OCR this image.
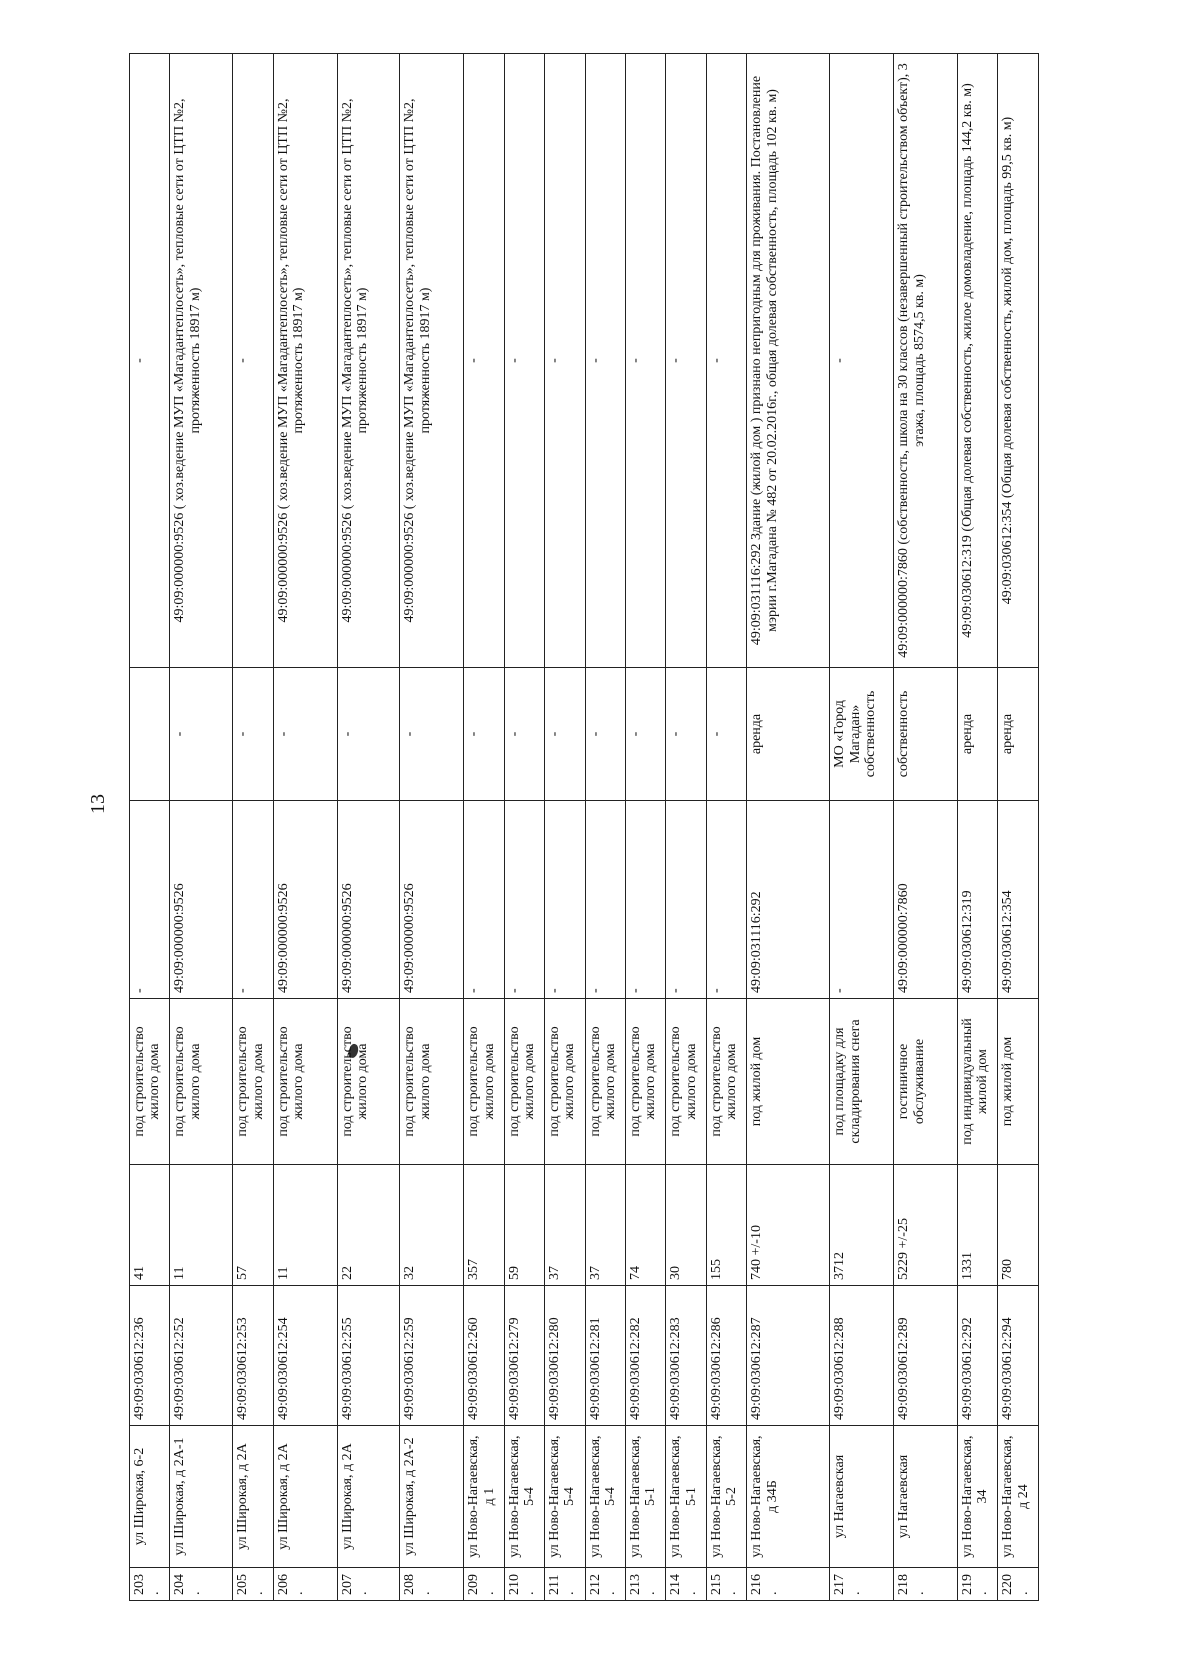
13
203.	ул Широкая, 6-2	49:09:030612:236	41	под строительство жилого дома	-		-
204.	ул Широкая, д 2А-1	49:09:030612:252	11	под строительство жилого дома	49:09:000000:9526	-	49:09:000000:9526 ( хоз.ведение МУП «Магадантеплосеть», тепловые сети от ЦТП №2, протяженность 18917 м)
205.	ул Широкая, д 2А	49:09:030612:253	57	под строительство жилого дома	-	-	-
206.	ул Широкая, д 2А	49:09:030612:254	11	под строительство жилого дома	49:09:000000:9526	-	49:09:000000:9526 ( хоз.ведение МУП «Магадантеплосеть», тепловые сети от ЦТП №2, протяженность 18917 м)
207.	ул Широкая, д 2А	49:09:030612:255	22	под строительство жилого дома	49:09:000000:9526	-	49:09:000000:9526 ( хоз.ведение МУП «Магадантеплосеть», тепловые сети от ЦТП №2, протяженность 18917 м)
208.	ул Широкая, д 2А-2	49:09:030612:259	32	под строительство жилого дома	49:09:000000:9526	-	49:09:000000:9526 ( хоз.ведение МУП «Магадантеплосеть», тепловые сети от ЦТП №2, протяженность 18917 м)
209.	ул Ново-Нагаевская, д 1	49:09:030612:260	357	под строительство жилого дома	-	-	-
210.	ул Ново-Нагаевская, 5-4	49:09:030612:279	59	под строительство жилого дома	-	-	-
211.	ул Ново-Нагаевская, 5-4	49:09:030612:280	37	под строительство жилого дома	-	-	-
212.	ул Ново-Нагаевская, 5-4	49:09:030612:281	37	под строительство жилого дома	-	-	-
213.	ул Ново-Нагаевская, 5-1	49:09:030612:282	74	под строительство жилого дома	-	-	-
214.	ул Ново-Нагаевская, 5-1	49:09:030612:283	30	под строительство жилого дома	-	-	-
215.	ул Ново-Нагаевская, 5-2	49:09:030612:286	155	под строительство жилого дома	-	-	-
216.	ул Ново-Нагаевская, д 34Б	49:09:030612:287	740 +/-10	под жилой дом	49:09:031116:292	аренда	49:09:031116:292 Здание (жилой дом ) признано непригодным для проживания. Постановление мэрии г.Магадана № 482 от 20.02.2016г., общая долевая собственность, площадь 102 кв. м)
217.	ул Нагаевская	49:09:030612:288	3712	под площадку для складирования снега	-	МО «Город Магадан» собственность	-
218.	ул Нагаевская	49:09:030612:289	5229 +/-25	гостиничное обслуживание	49:09:000000:7860	собственность	49:09:000000:7860 (собственность, школа на 30 классов (незавершенный строительством объект), 3 этажа, площадь 8574,5 кв. м)
219.	ул Ново-Нагаевская, 34	49:09:030612:292	1331	под индивидуальный жилой дом	49:09:030612:319	аренда	49:09:030612:319 (Общая долевая собственность, жилое домовладение, площадь 144,2 кв. м)
220.	ул Ново-Нагаевская, д 24	49:09:030612:294	780	под жилой дом	49:09:030612:354	аренда	49:09:030612:354 (Общая долевая собственность, жилой дом, площадь 99,5 кв. м)
